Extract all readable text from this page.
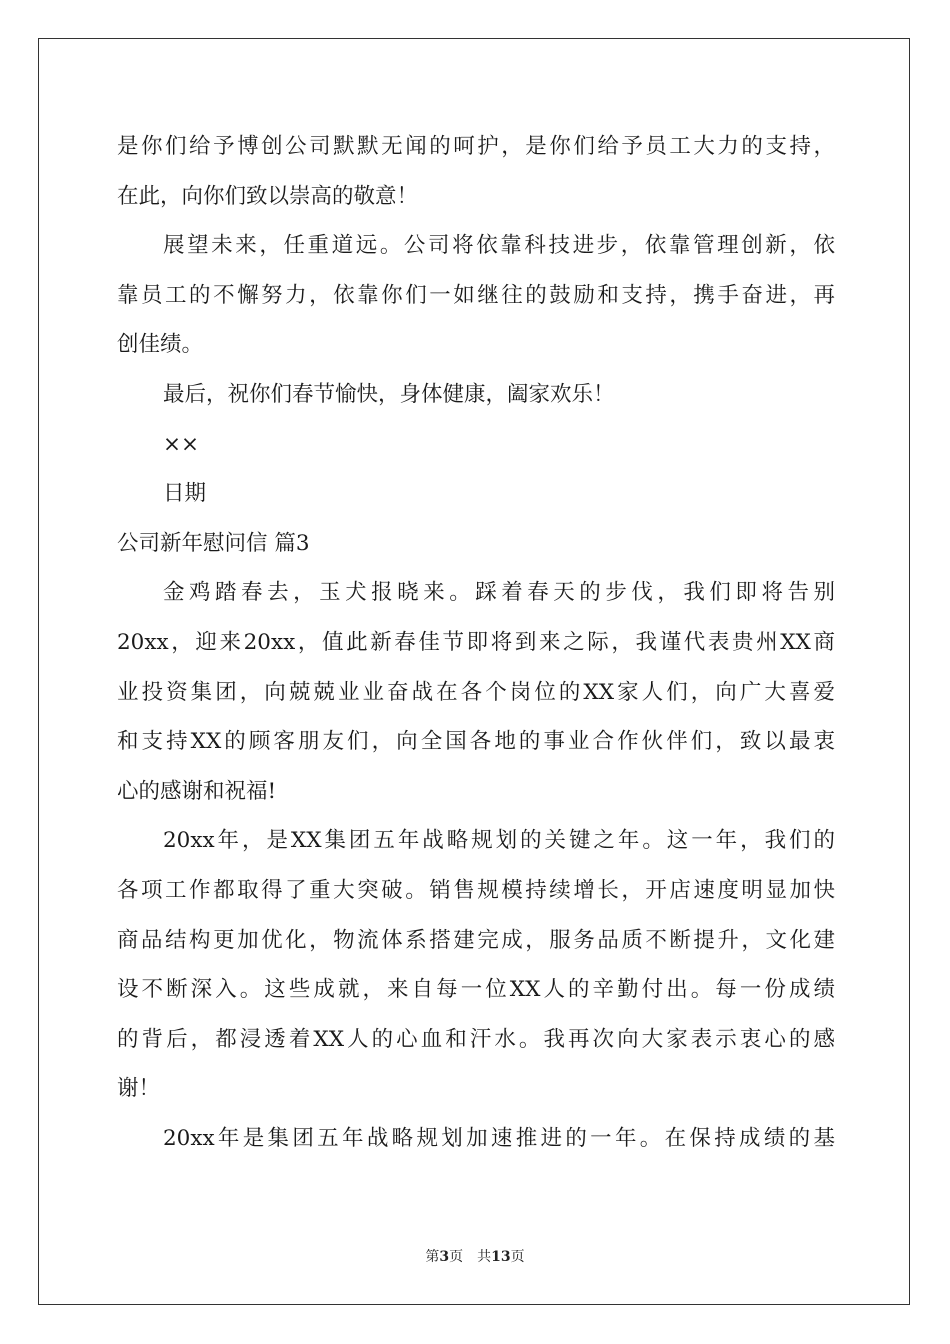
是你们给予博创公司默默无闻的呵护，是你们给予员工大力的支持，
在此，向你们致以崇高的敬意！
展望未来，任重道远。公司将依靠科技进步，依靠管理创新，依
靠员工的不懈努力，依靠你们一如继往的鼓励和支持，携手奋进，再
创佳绩。
最后，祝你们春节愉快，身体健康，阖家欢乐！
××
日期
公司新年慰问信 篇3
金鸡踏春去，玉犬报晓来。踩着春天的步伐，我们即将告别
20xx，迎来20xx，值此新春佳节即将到来之际，我谨代表贵州XX商
业投资集团，向兢兢业业奋战在各个岗位的XX家人们，向广大喜爱
和支持XX的顾客朋友们，向全国各地的事业合作伙伴们，致以最衷
心的感谢和祝福!
20xx年，是XX集团五年战略规划的关键之年。这一年，我们的
各项工作都取得了重大突破。销售规模持续增长，开店速度明显加快
商品结构更加优化，物流体系搭建完成，服务品质不断提升，文化建
设不断深入。这些成就，来自每一位XX人的辛勤付出。每一份成绩
的背后，都浸透着XX人的心血和汗水。我再次向大家表示衷心的感
谢！
20xx年是集团五年战略规划加速推进的一年。在保持成绩的基
第3页 共13页
